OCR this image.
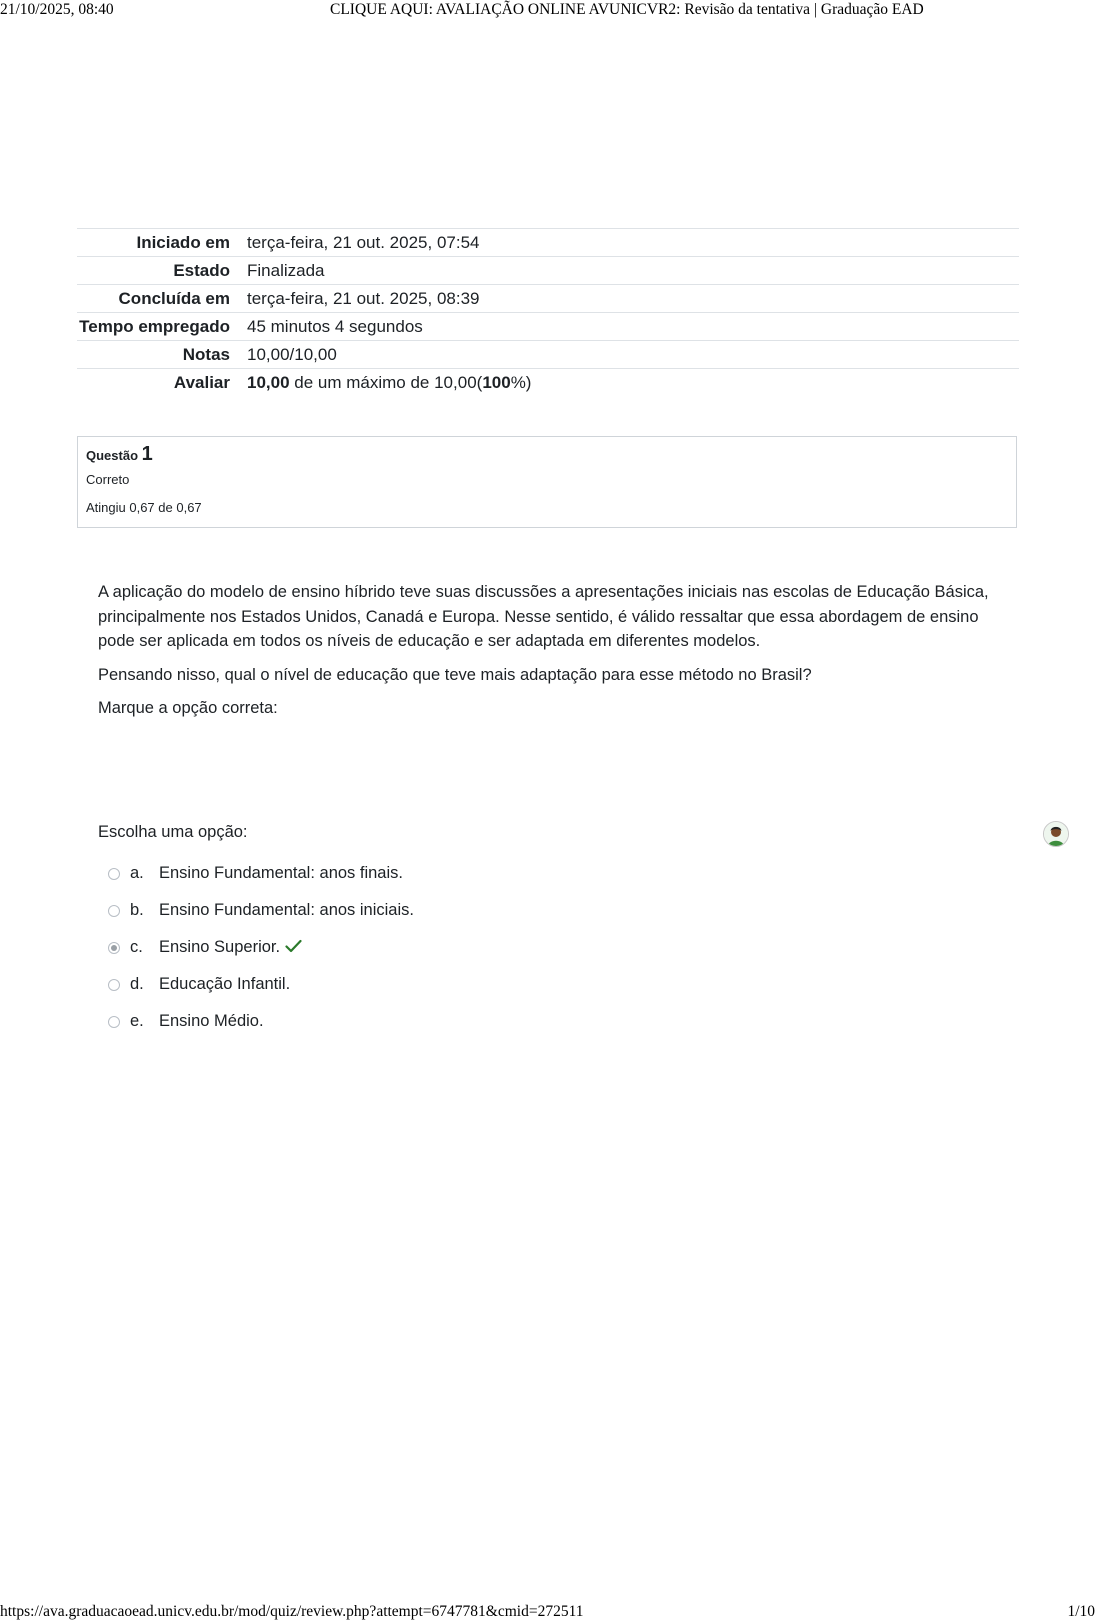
21/10/2025, 08:40	CLIQUE AQUI: AVALIAÇÃO ONLINE AVUNICVR2: Revisão da tentativa | Graduação EAD
Iniciado em	terça-feira, 21 out. 2025, 07:54
Estado	Finalizada
Concluída em	terça-feira, 21 out. 2025, 08:39
Tempo empregado	45 minutos 4 segundos
Notas	10,00/10,00
Avaliar	10,00 de um máximo de 10,00(100%)
Questão 1
Correto
Atingiu 0,67 de 0,67

A aplicação do modelo de ensino híbrido teve suas discussões a apresentações iniciais nas escolas de Educação Básica, principalmente nos Estados Unidos, Canadá e Europa. Nesse sentido, é válido ressaltar que essa abordagem de ensino pode ser aplicada em todos os níveis de educação e ser adaptada em diferentes modelos.

Pensando nisso, qual o nível de educação que teve mais adaptação para esse método no Brasil?

Marque a opção correta:

Escolha uma opção:
a. Ensino Fundamental: anos finais.
b. Ensino Fundamental: anos iniciais.
c. Ensino Superior.
d. Educação Infantil.
e. Ensino Médio.
https://ava.graduacaoead.unicv.edu.br/mod/quiz/review.php?attempt=6747781&cmid=272511	1/10
